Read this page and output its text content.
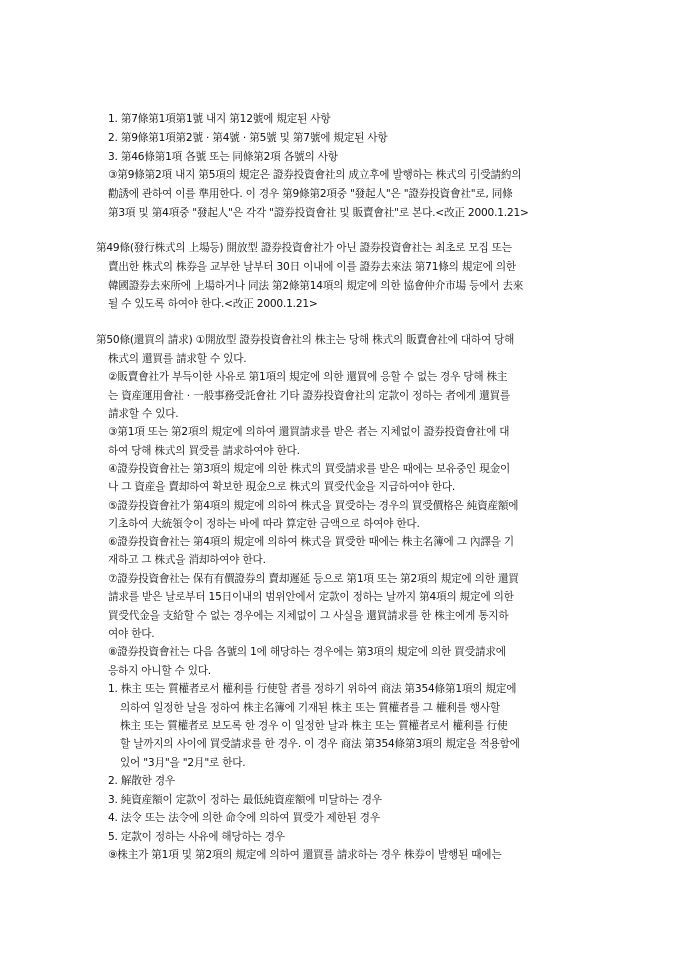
1. 第7條第1項第1號 내지 第12號에 規定된 사항
2. 第9條第1項第2號 · 第4號 · 第5號 및 第7號에 規定된 사항
3. 第46條第1項 各號 또는 同條第2項 各號의 사항
③第9條第2項 내지 第5項의 規定은 證券投資會社의 成立후에 발행하는 株式의 引受請約의
勸誘에 관하여 이를 準用한다. 이 경우 第9條第2項중 "發起人"은 "證券投資會社"로, 同條
第3項 및 第4項중 "發起人"은 각각 "證券投資會社 및 販賣會社"로 본다.<改正 2000.1.21>
第49條(發行株式의 上場등) 開放型 證券投資會社가 아닌 證券投資會社는 최초로 모집 또는
賣出한 株式의 株券을 교부한 날부터 30日 이내에 이를 證券去來法 第71條의 規定에 의한
韓國證券去來所에 上場하거나 同法 第2條第14項의 規定에 의한 協會仲介市場 등에서 去來
될 수 있도록 하여야 한다.<改正 2000.1.21>
第50條(還買의 請求) ①開放型 證券投資會社의 株主는 당해 株式의 販賣會社에 대하여 당해
株式의 還買를 請求할 수 있다.
②販賣會社가 부득이한 사유로 第1項의 規定에 의한 還買에 응할 수 없는 경우 당해 株主
는 資産運用會社 · 一般事務受託會社 기타 證券投資會社의 定款이 정하는 者에게 還買를
請求할 수 있다.
③第1項 또는 第2項의 規定에 의하여 還買請求를 받은 者는 지체없이 證券投資會社에 대
하여 당해 株式의 買受를 請求하여야 한다.
④證券投資會社는 第3項의 規定에 의한 株式의 買受請求를 받은 때에는 보유중인 現金이
나 그 資産을 賣却하여 확보한 現金으로 株式의 買受代金을 지급하여야 한다.
⑤證券投資會社가 第4項의 規定에 의하여 株式을 買受하는 경우의 買受價格은 純資産額에
기초하여 大統領令이 정하는 바에 따라 算定한 금액으로 하여야 한다.
⑥證券投資會社는 第4項의 規定에 의하여 株式을 買受한 때에는 株主名簿에 그 內譯을 기
재하고 그 株式을 消却하여야 한다.
⑦證券投資會社는 保有有價證券의 賣却遲延 등으로 第1項 또는 第2項의 規定에 의한 還買
請求를 받은 날로부터 15日이내의 범위안에서 定款이 정하는 날까지 第4項의 規定에 의한
買受代金을 支給할 수 없는 경우에는 지체없이 그 사실을 還買請求를 한 株主에게 통지하
여야 한다.
⑧證券投資會社는 다음 各號의 1에 해당하는 경우에는 第3項의 規定에 의한 買受請求에
응하지 아니할 수 있다.
1. 株主 또는 質權者로서 權利를 行使할 者를 정하기 위하여 商法 第354條第1項의 規定에
의하여 일정한 날을 정하여 株主名簿에 기재된 株主 또는 質權者를 그 權利를 행사할
株主 또는 質權者로 보도록 한 경우 이 일정한 날과 株主 또는 質權者로서 權利를 行使
할 날까지의 사이에 買受請求를 한 경우. 이 경우 商法 第354條第3項의 規定을 적용함에
있어 "3月"을 "2月"로 한다.
2. 解散한 경우
3. 純資産額이 定款이 정하는 最低純資産額에 미달하는 경우
4. 法令 또는 法令에 의한 命令에 의하여 買受가 제한된 경우
5. 定款이 정하는 사유에 해당하는 경우
⑨株主가 第1項 및 第2項의 規定에 의하여 還買를 請求하는 경우 株券이 발행된 때에는
